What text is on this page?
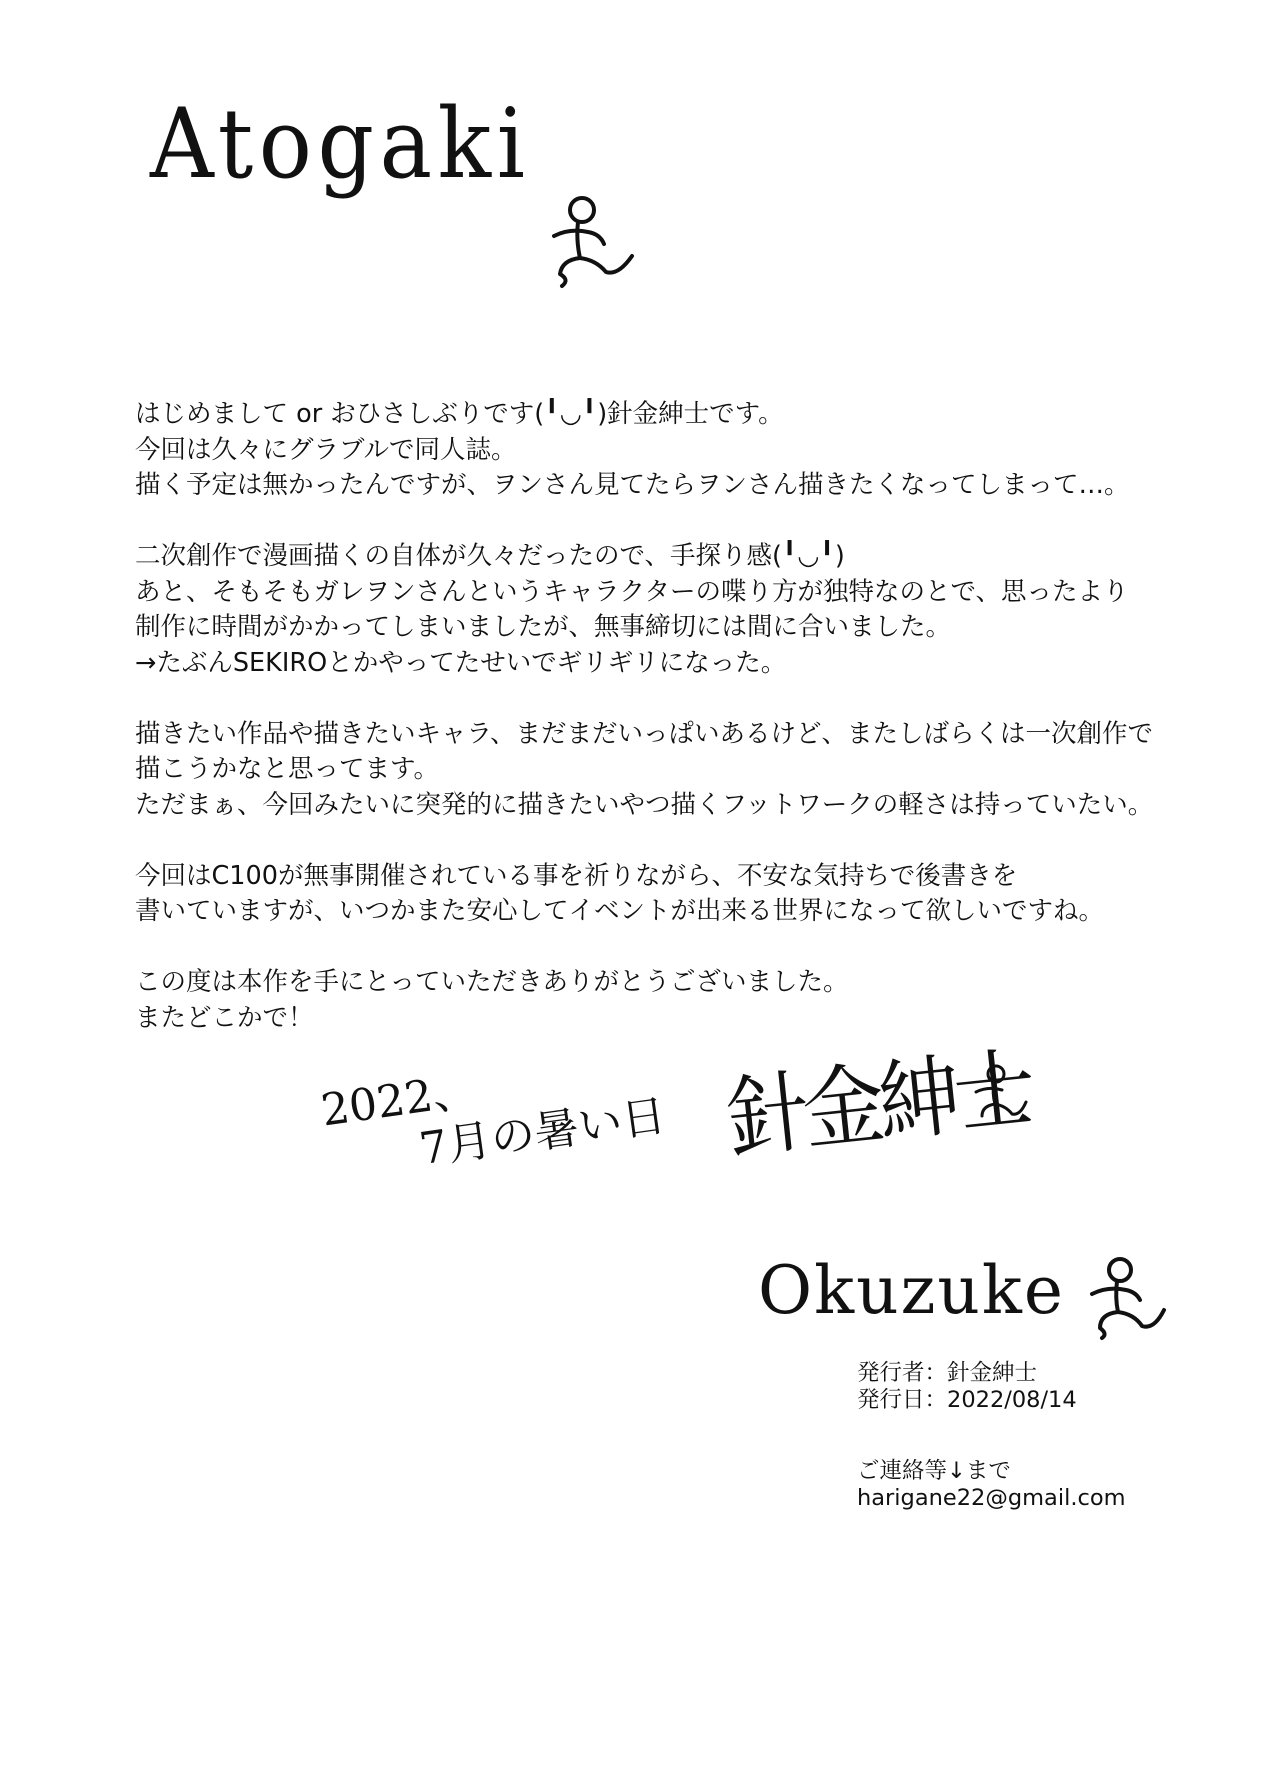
Atogaki

はじめまして or おひさしぶりです(╹◡╹)針金紳士です。
今回は久々にグラブルで同人誌。
描く予定は無かったんですが、ヲンさん見てたらヲンさん描きたくなってしまって…。

二次創作で漫画描くの自体が久々だったので、手探り感(╹◡╹)
あと、そもそもガレヲンさんというキャラクターの喋り方が独特なのとで、思ったより
制作に時間がかかってしまいましたが、無事締切には間に合いました。
→たぶんSEKIROとかやってたせいでギリギリになった。

描きたい作品や描きたいキャラ、まだまだいっぱいあるけど、またしばらくは一次創作で
描こうかなと思ってます。
ただまぁ、今回みたいに突発的に描きたいやつ描くフットワークの軽さは持っていたい。

今回はC100が無事開催されている事を祈りながら、不安な気持ちで後書きを
書いていますが、いつかまた安心してイベントが出来る世界になって欲しいですね。

この度は本作を手にとっていただきありがとうございました。
またどこかで！

2022、
7月の暑い日 針金紳士
Okuzuke
発行者：針金紳士
発行日：2022/08/14
ご連絡等↓まで
harigane22@gmail.com
